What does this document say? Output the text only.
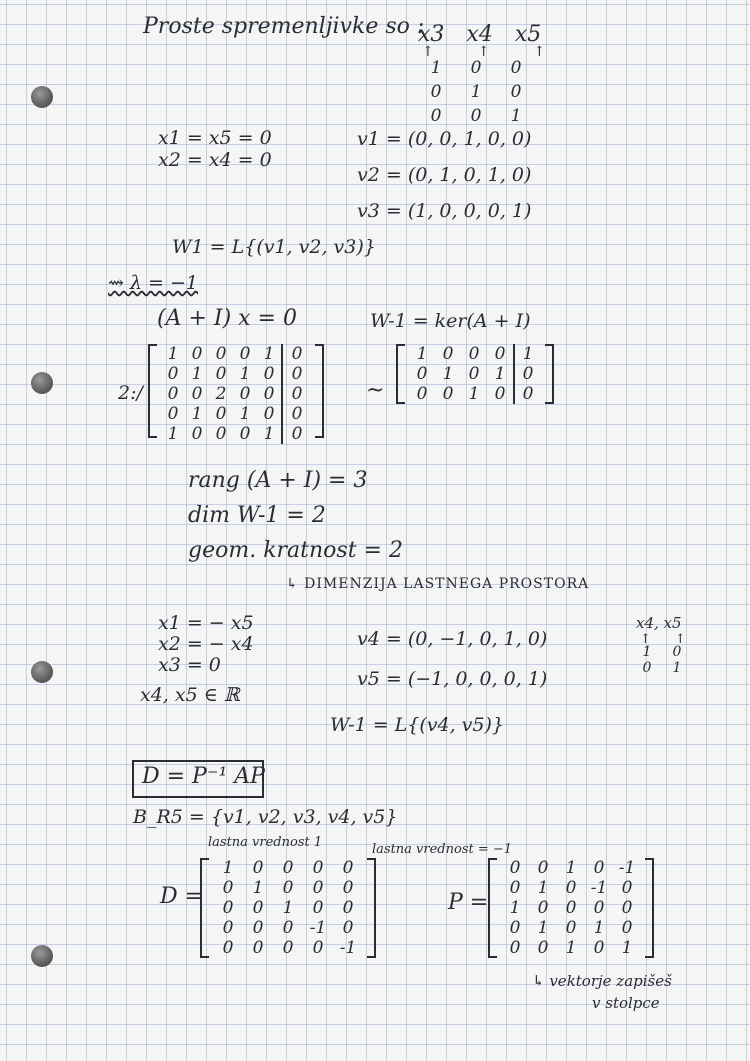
Proste spremenljivke so :
x3 x4 x5
↑	↑	↑
1	0	0
0	1	0
0	0	1
x1 = x5 = 0
x2 = x4 = 0
v1 = (0, 0, 1, 0, 0)
v2 = (0, 1, 0, 1, 0)
v3 = (1, 0, 0, 0, 1)
W1 = L{(v1, v2, v3)}
⇝ λ = −1
(A + I) x = 0	W-1 = ker(A + I)
2:/
1 0 0 0 1	0
0 1 0 1 0	0
0 0 2 0 0	0
0 1 0 1 0	0
1 0 0 0 1	0
~
1 0 0 0	1
0 1 0 1	0
0 0 1 0	0
rang (A + I) = 3
dim W-1 = 2
geom. kratnost = 2
↳ DIMENZIJA LASTNEGA PROSTORA
x1 = − x5
x2 = − x4
x3 = 0
x4, x5 ∈ ℝ
v4 = (0, −1, 0, 1, 0)
v5 = (−1, 0, 0, 0, 1)
x4, x5
↑ ↑
1	0
0	1
W-1 = L{(v4, v5)}
D = P⁻¹ AP
B_R5 = {v1, v2, v3, v4, v5}
lastna vrednost 1	lastna vrednost = −1
D =
1	0	0	0	0
0	1	0	0	0
0	0	1	0	0
0	0	0 -1 0
0	0	0	0 -1
P =
0	0	1	0 -1
0	1	0 -1 0
1	0	0	0	0
0	1	0	1	0
0	0	1	0	1
↳ vektorje zapišeš
v stolpce
